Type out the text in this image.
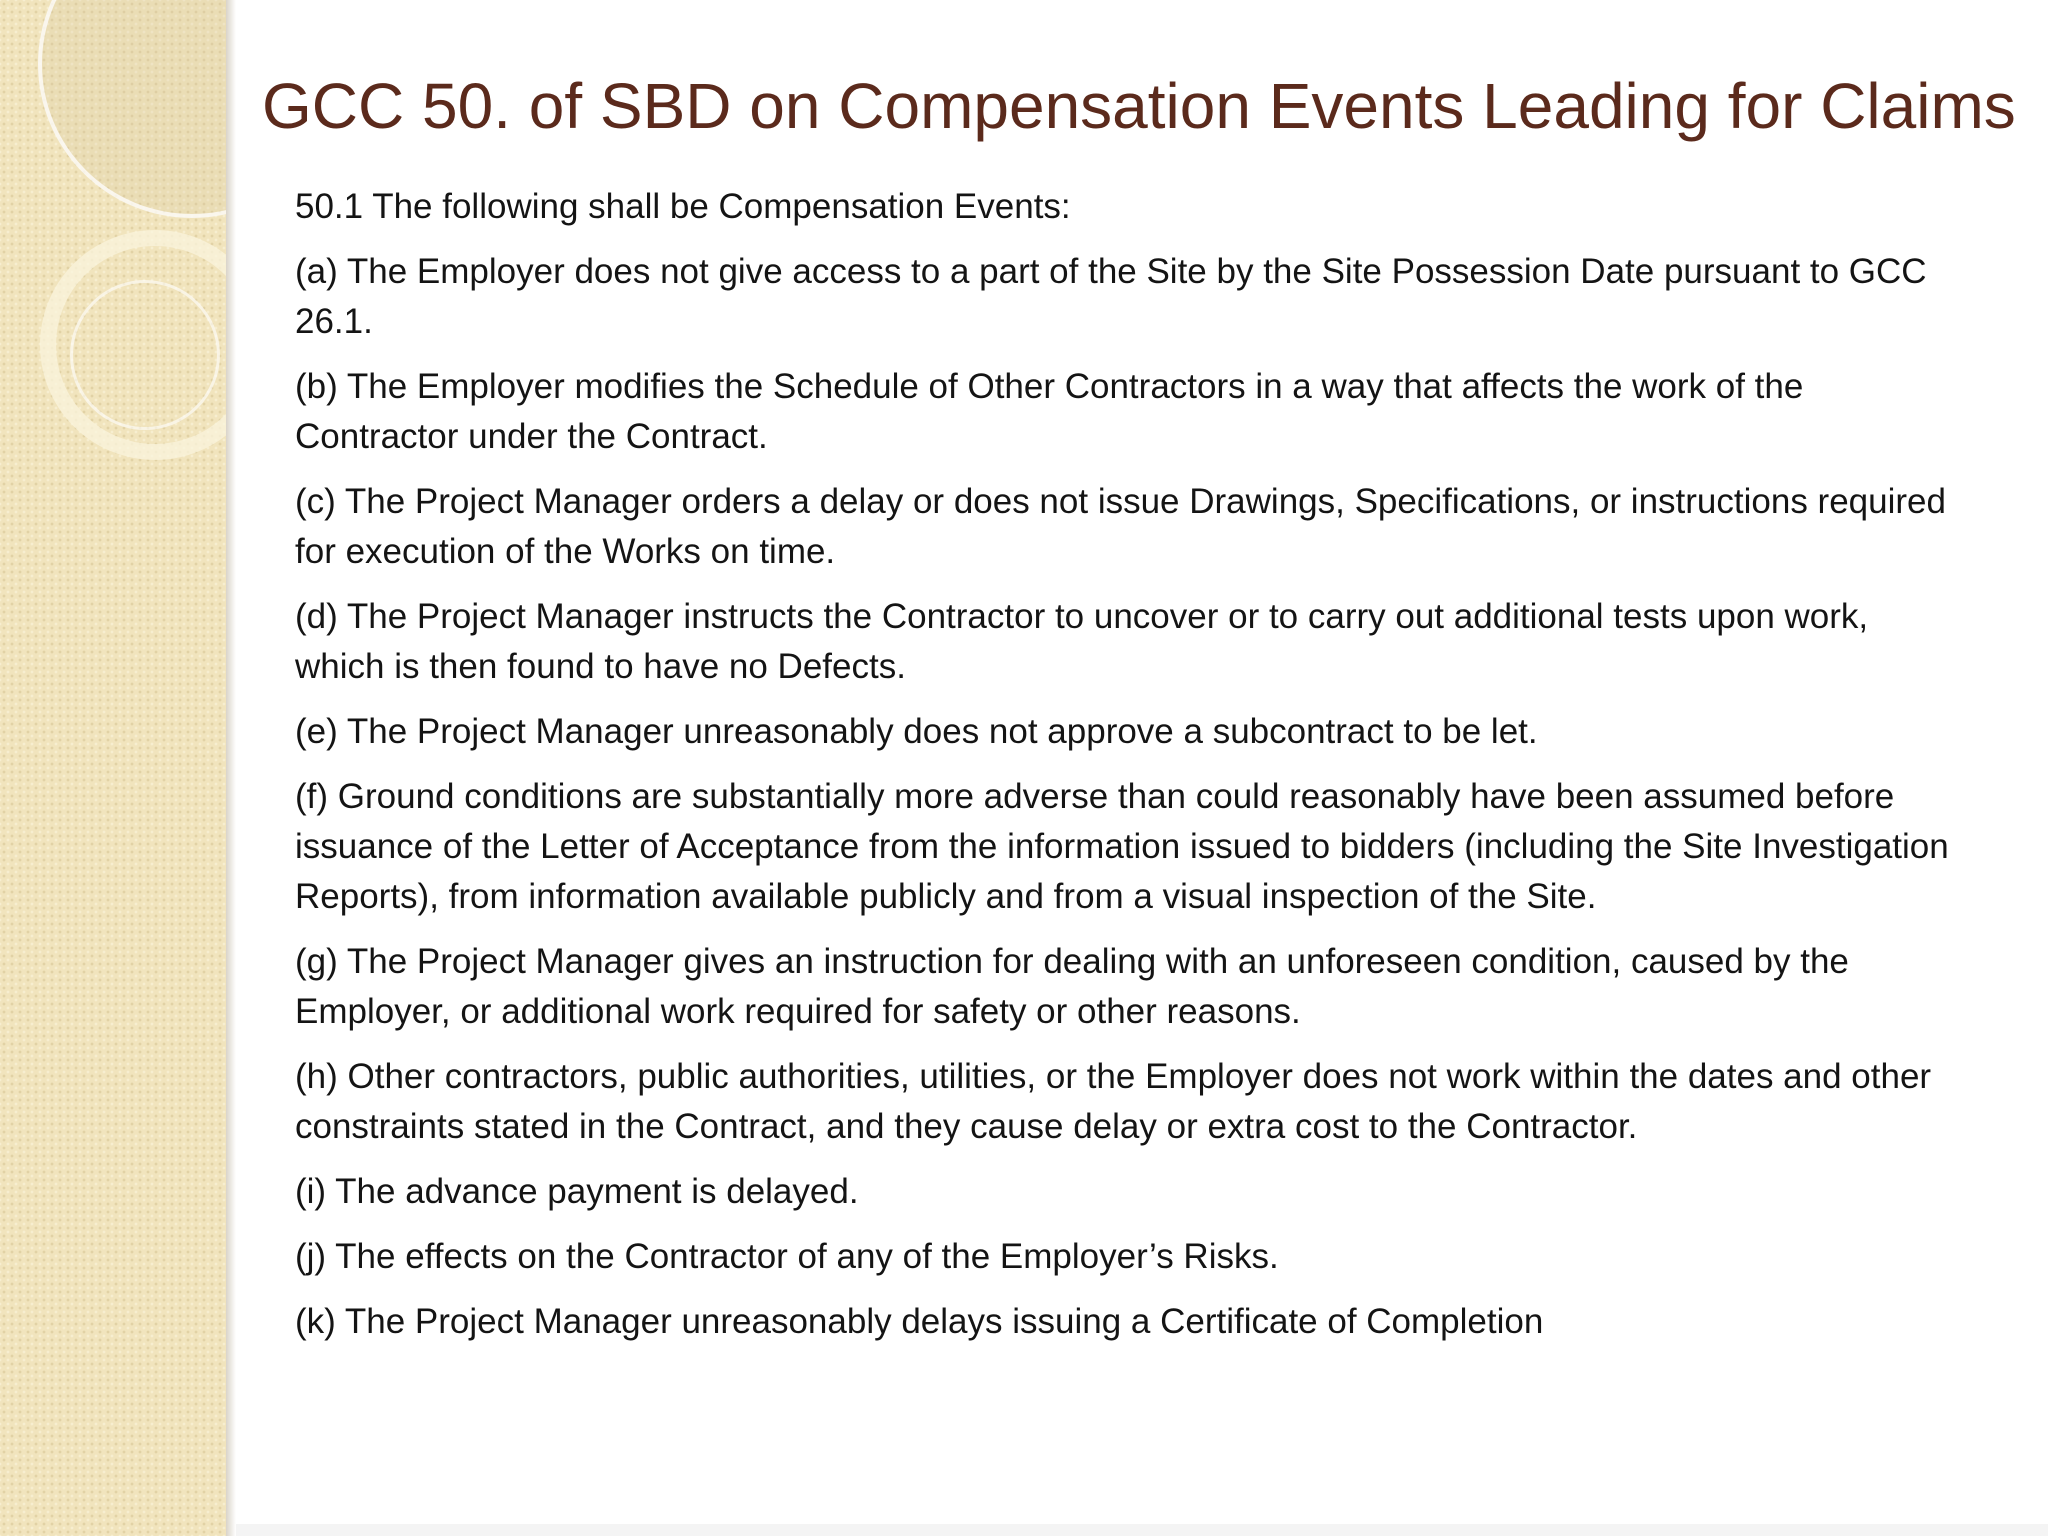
GCC 50. of SBD on Compensation Events Leading for Claims

50.1 The following shall be Compensation Events:

(a) The Employer does not give access to a part of the Site by the Site Possession Date pursuant to GCC 26.1.

(b) The Employer modifies the Schedule of Other Contractors in a way that affects the work of the Contractor under the Contract.

(c) The Project Manager orders a delay or does not issue Drawings, Specifications, or instructions required for execution of the Works on time.

(d) The Project Manager instructs the Contractor to uncover or to carry out additional tests upon work, which is then found to have no Defects.

(e) The Project Manager unreasonably does not approve a subcontract to be let.

(f) Ground conditions are substantially more adverse than could reasonably have been assumed before issuance of the Letter of Acceptance from the information issued to bidders (including the Site Investigation Reports), from information available publicly and from a visual inspection of the Site.

(g) The Project Manager gives an instruction for dealing with an unforeseen condition, caused by the Employer, or additional work required for safety or other reasons.

(h) Other contractors, public authorities, utilities, or the Employer does not work within the dates and other constraints stated in the Contract, and they cause delay or extra cost to the Contractor.

(i) The advance payment is delayed.

(j) The effects on the Contractor of any of the Employer’s Risks.

(k) The Project Manager unreasonably delays issuing a Certificate of Completion
